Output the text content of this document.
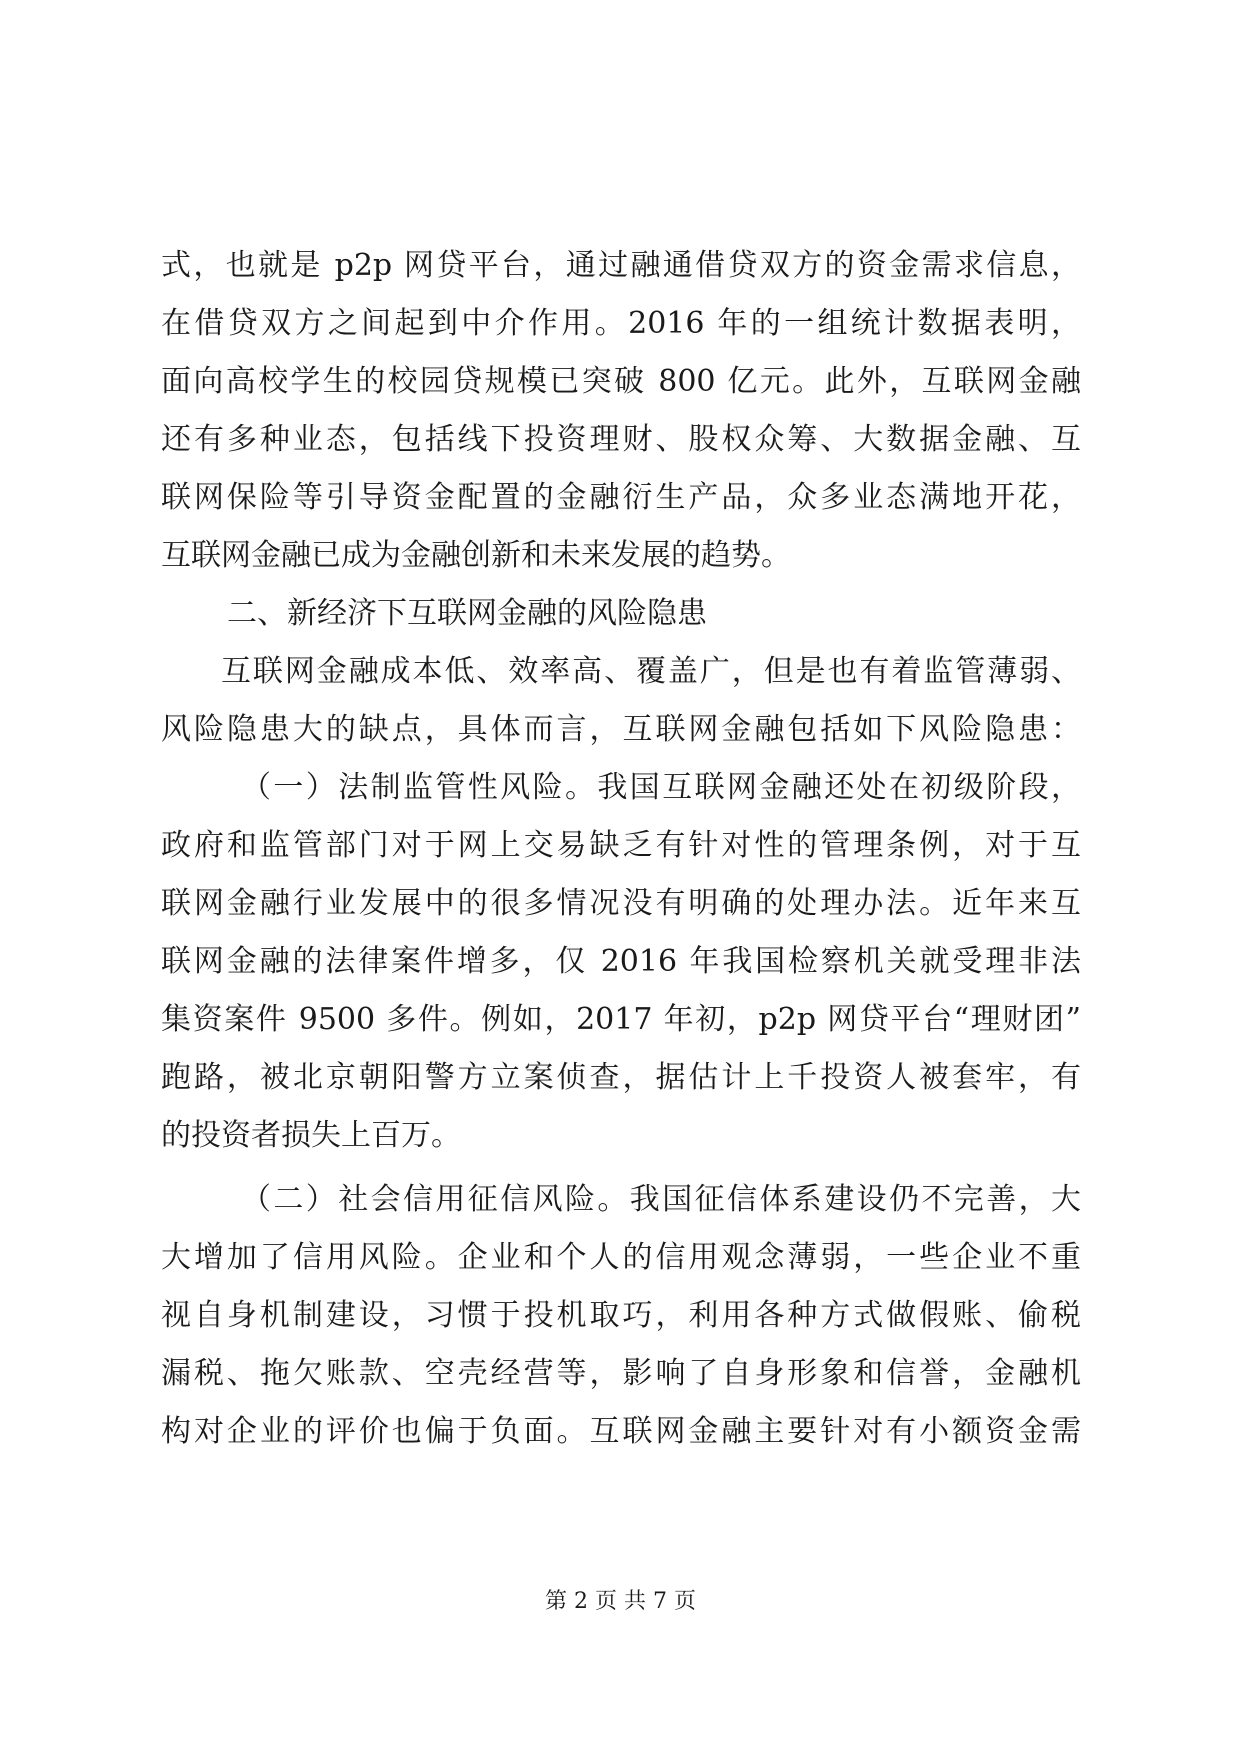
式，也就是 p2p 网贷平台，通过融通借贷双方的资金需求信息，
在借贷双方之间起到中介作用。2016 年的一组统计数据表明，
面向高校学生的校园贷规模已突破 800 亿元。此外，互联网金融
还有多种业态，包括线下投资理财、股权众筹、大数据金融、互
联网保险等引导资金配置的金融衍生产品，众多业态满地开花，
互联网金融已成为金融创新和未来发展的趋势。
二、新经济下互联网金融的风险隐患
互联网金融成本低、效率高、覆盖广，但是也有着监管薄弱、
风险隐患大的缺点，具体而言，互联网金融包括如下风险隐患：
（一）法制监管性风险。我国互联网金融还处在初级阶段，
政府和监管部门对于网上交易缺乏有针对性的管理条例，对于互
联网金融行业发展中的很多情况没有明确的处理办法。近年来互
联网金融的法律案件增多，仅 2016 年我国检察机关就受理非法
集资案件 9500 多件。例如，2017 年初，p2p 网贷平台“理财团”
跑路，被北京朝阳警方立案侦查，据估计上千投资人被套牢，有
的投资者损失上百万。
（二）社会信用征信风险。我国征信体系建设仍不完善，大
大增加了信用风险。企业和个人的信用观念薄弱，一些企业不重
视自身机制建设，习惯于投机取巧，利用各种方式做假账、偷税
漏税、拖欠账款、空壳经营等，影响了自身形象和信誉，金融机
构对企业的评价也偏于负面。互联网金融主要针对有小额资金需
第 2 页 共 7 页
